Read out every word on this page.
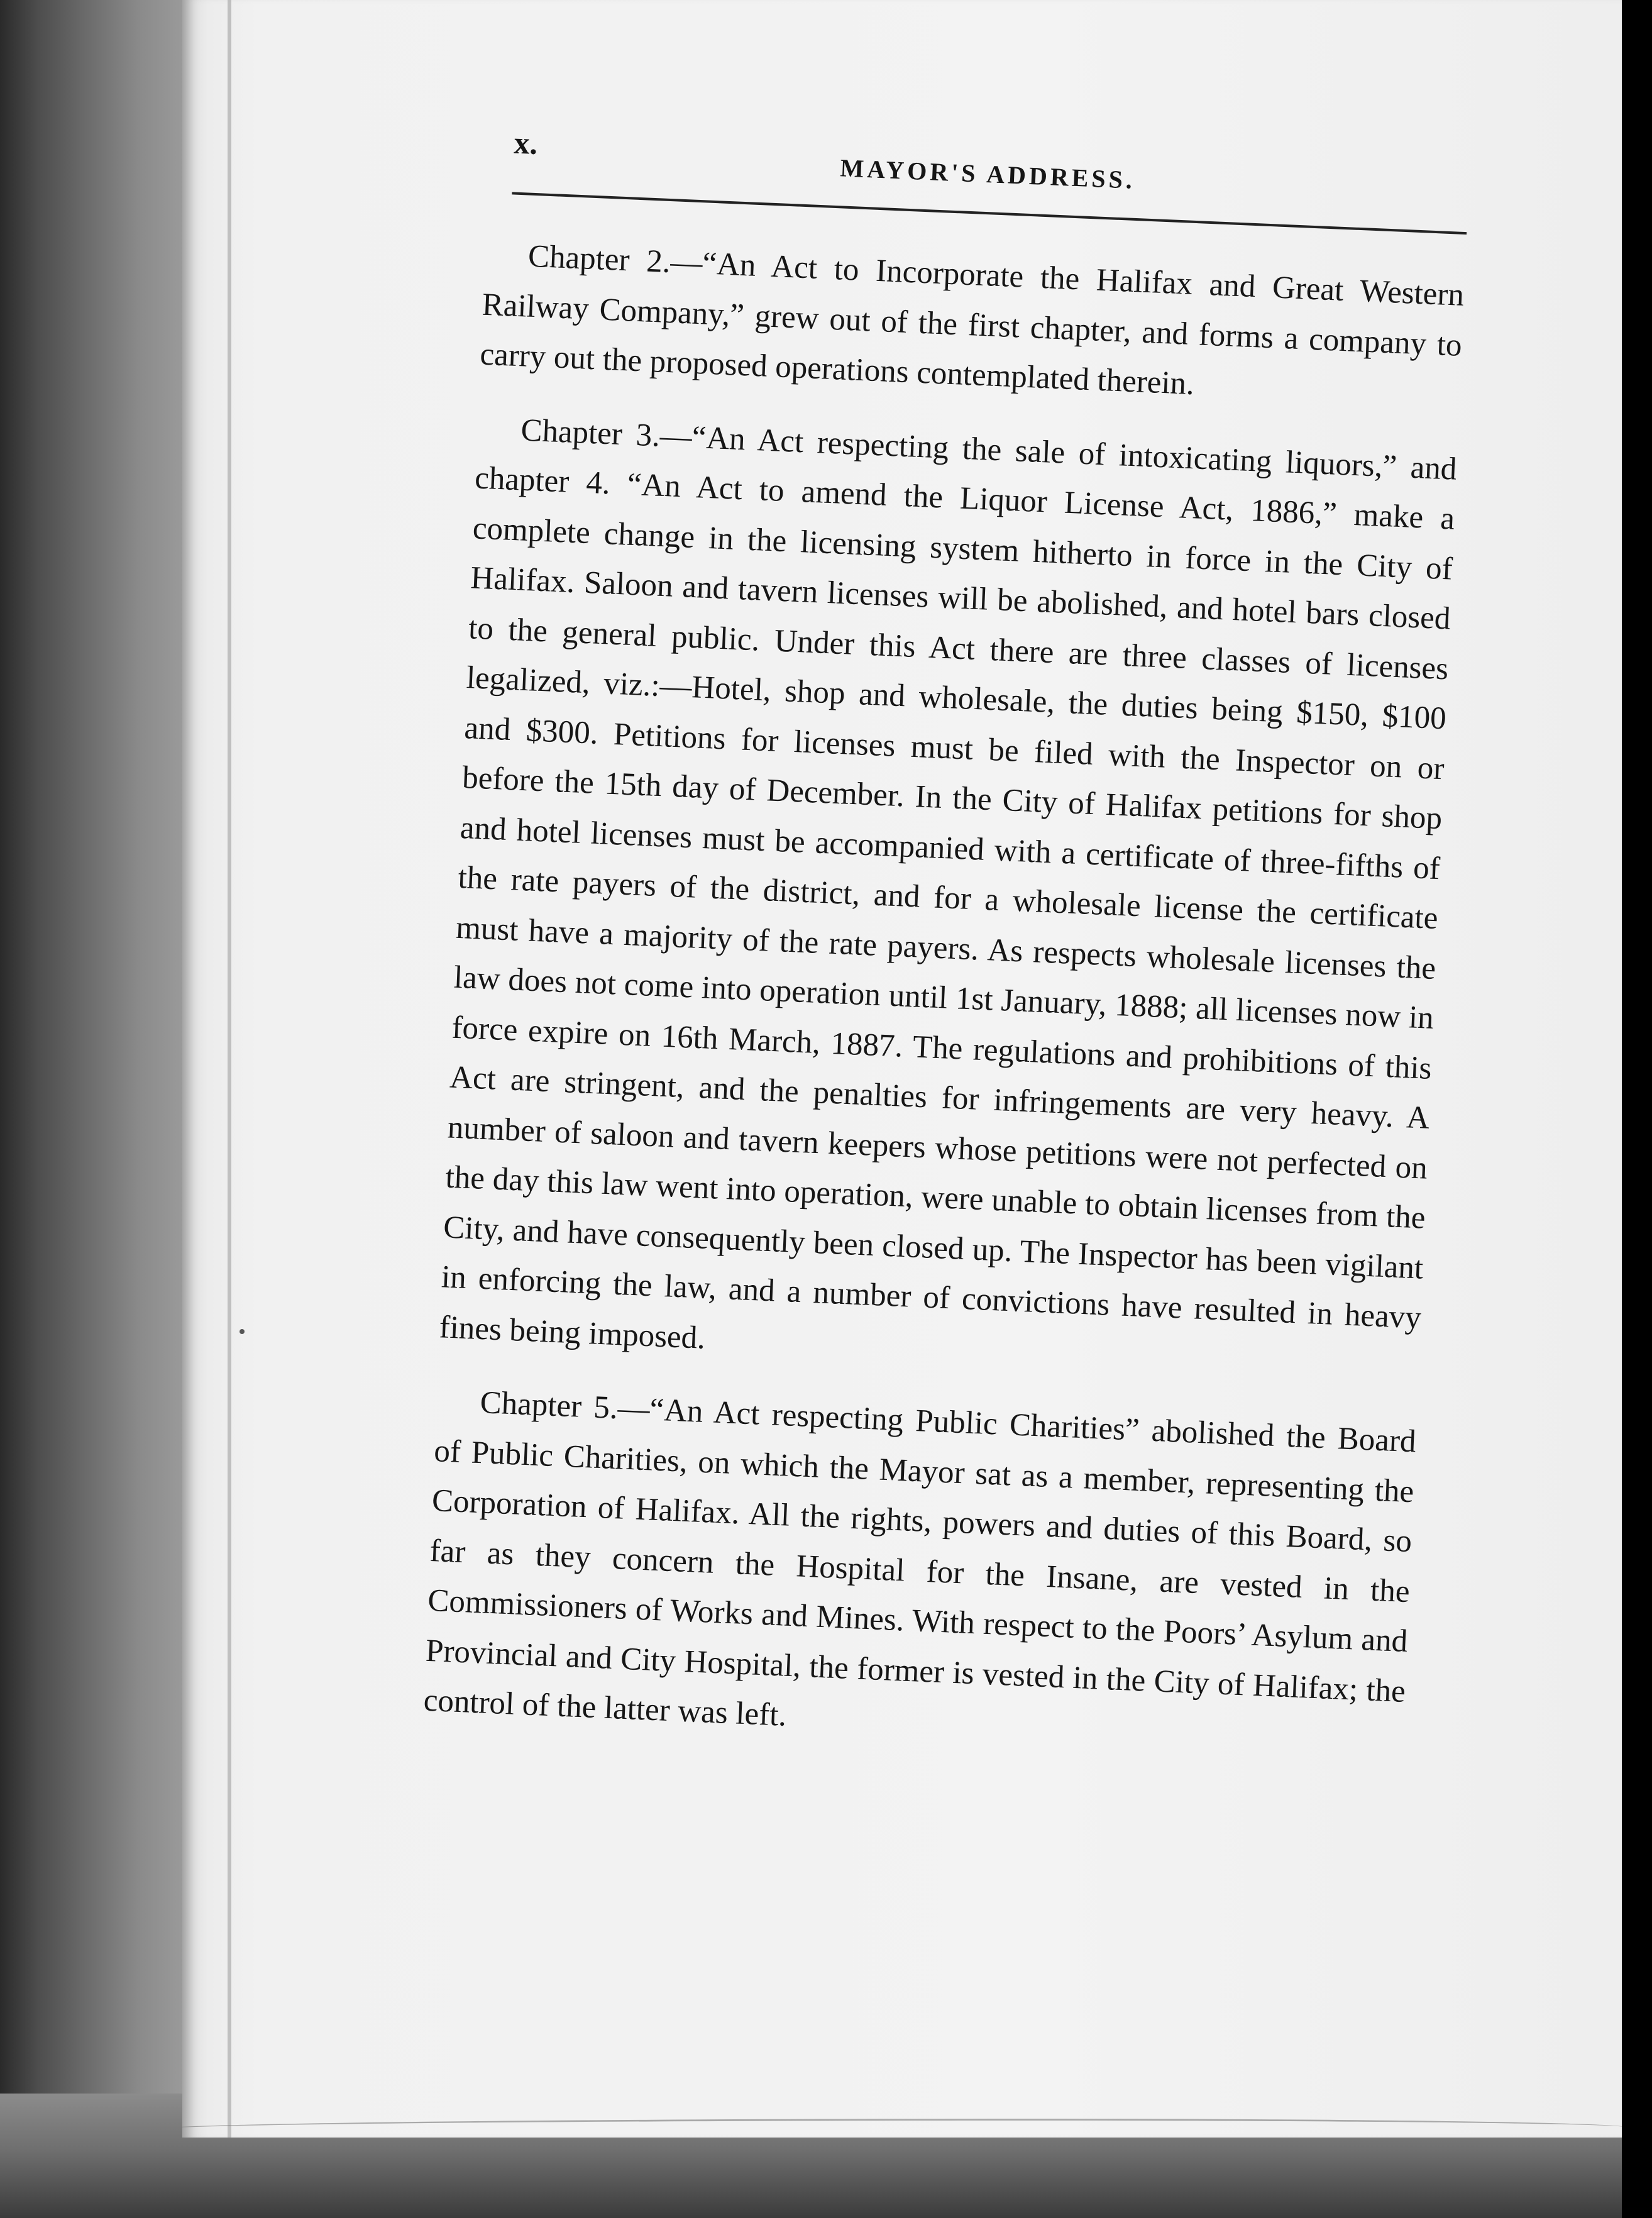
x.
MAYOR'S ADDRESS.

Chapter 2.—“An Act to Incorporate the Halifax and Great Western Railway Company,” grew out of the first chapter, and forms a company to carry out the proposed operations contemplated therein.

Chapter 3.—“An Act respecting the sale of intoxicating liquors,” and chapter 4. “An Act to amend the Liquor License Act, 1886,” make a complete change in the licensing system hitherto in force in the City of Halifax. Saloon and tavern licenses will be abolished, and hotel bars closed to the general public. Under this Act there are three classes of licenses legalized, viz.:—Hotel, shop and wholesale, the duties being $150, $100 and $300. Petitions for licenses must be filed with the Inspector on or before the 15th day of December. In the City of Halifax petitions for shop and hotel licenses must be accompanied with a certificate of three-fifths of the rate payers of the district, and for a wholesale license the certificate must have a majority of the rate payers. As respects wholesale licenses the law does not come into operation until 1st January, 1888; all licenses now in force expire on 16th March, 1887. The regulations and prohibitions of this Act are stringent, and the penalties for infringements are very heavy. A number of saloon and tavern keepers whose petitions were not perfected on the day this law went into operation, were unable to obtain licenses from the City, and have consequently been closed up. The Inspector has been vigilant in enforcing the law, and a number of convictions have resulted in heavy fines being imposed.

Chapter 5.—“An Act respecting Public Charities” abolished the Board of Public Charities, on which the Mayor sat as a member, representing the Corporation of Halifax. All the rights, powers and duties of this Board, so far as they concern the Hospital for the Insane, are vested in the Commissioners of Works and Mines. With respect to the Poors’ Asylum and Provincial and City Hospital, the former is vested in the City of Halifax; the control of the latter was left.
